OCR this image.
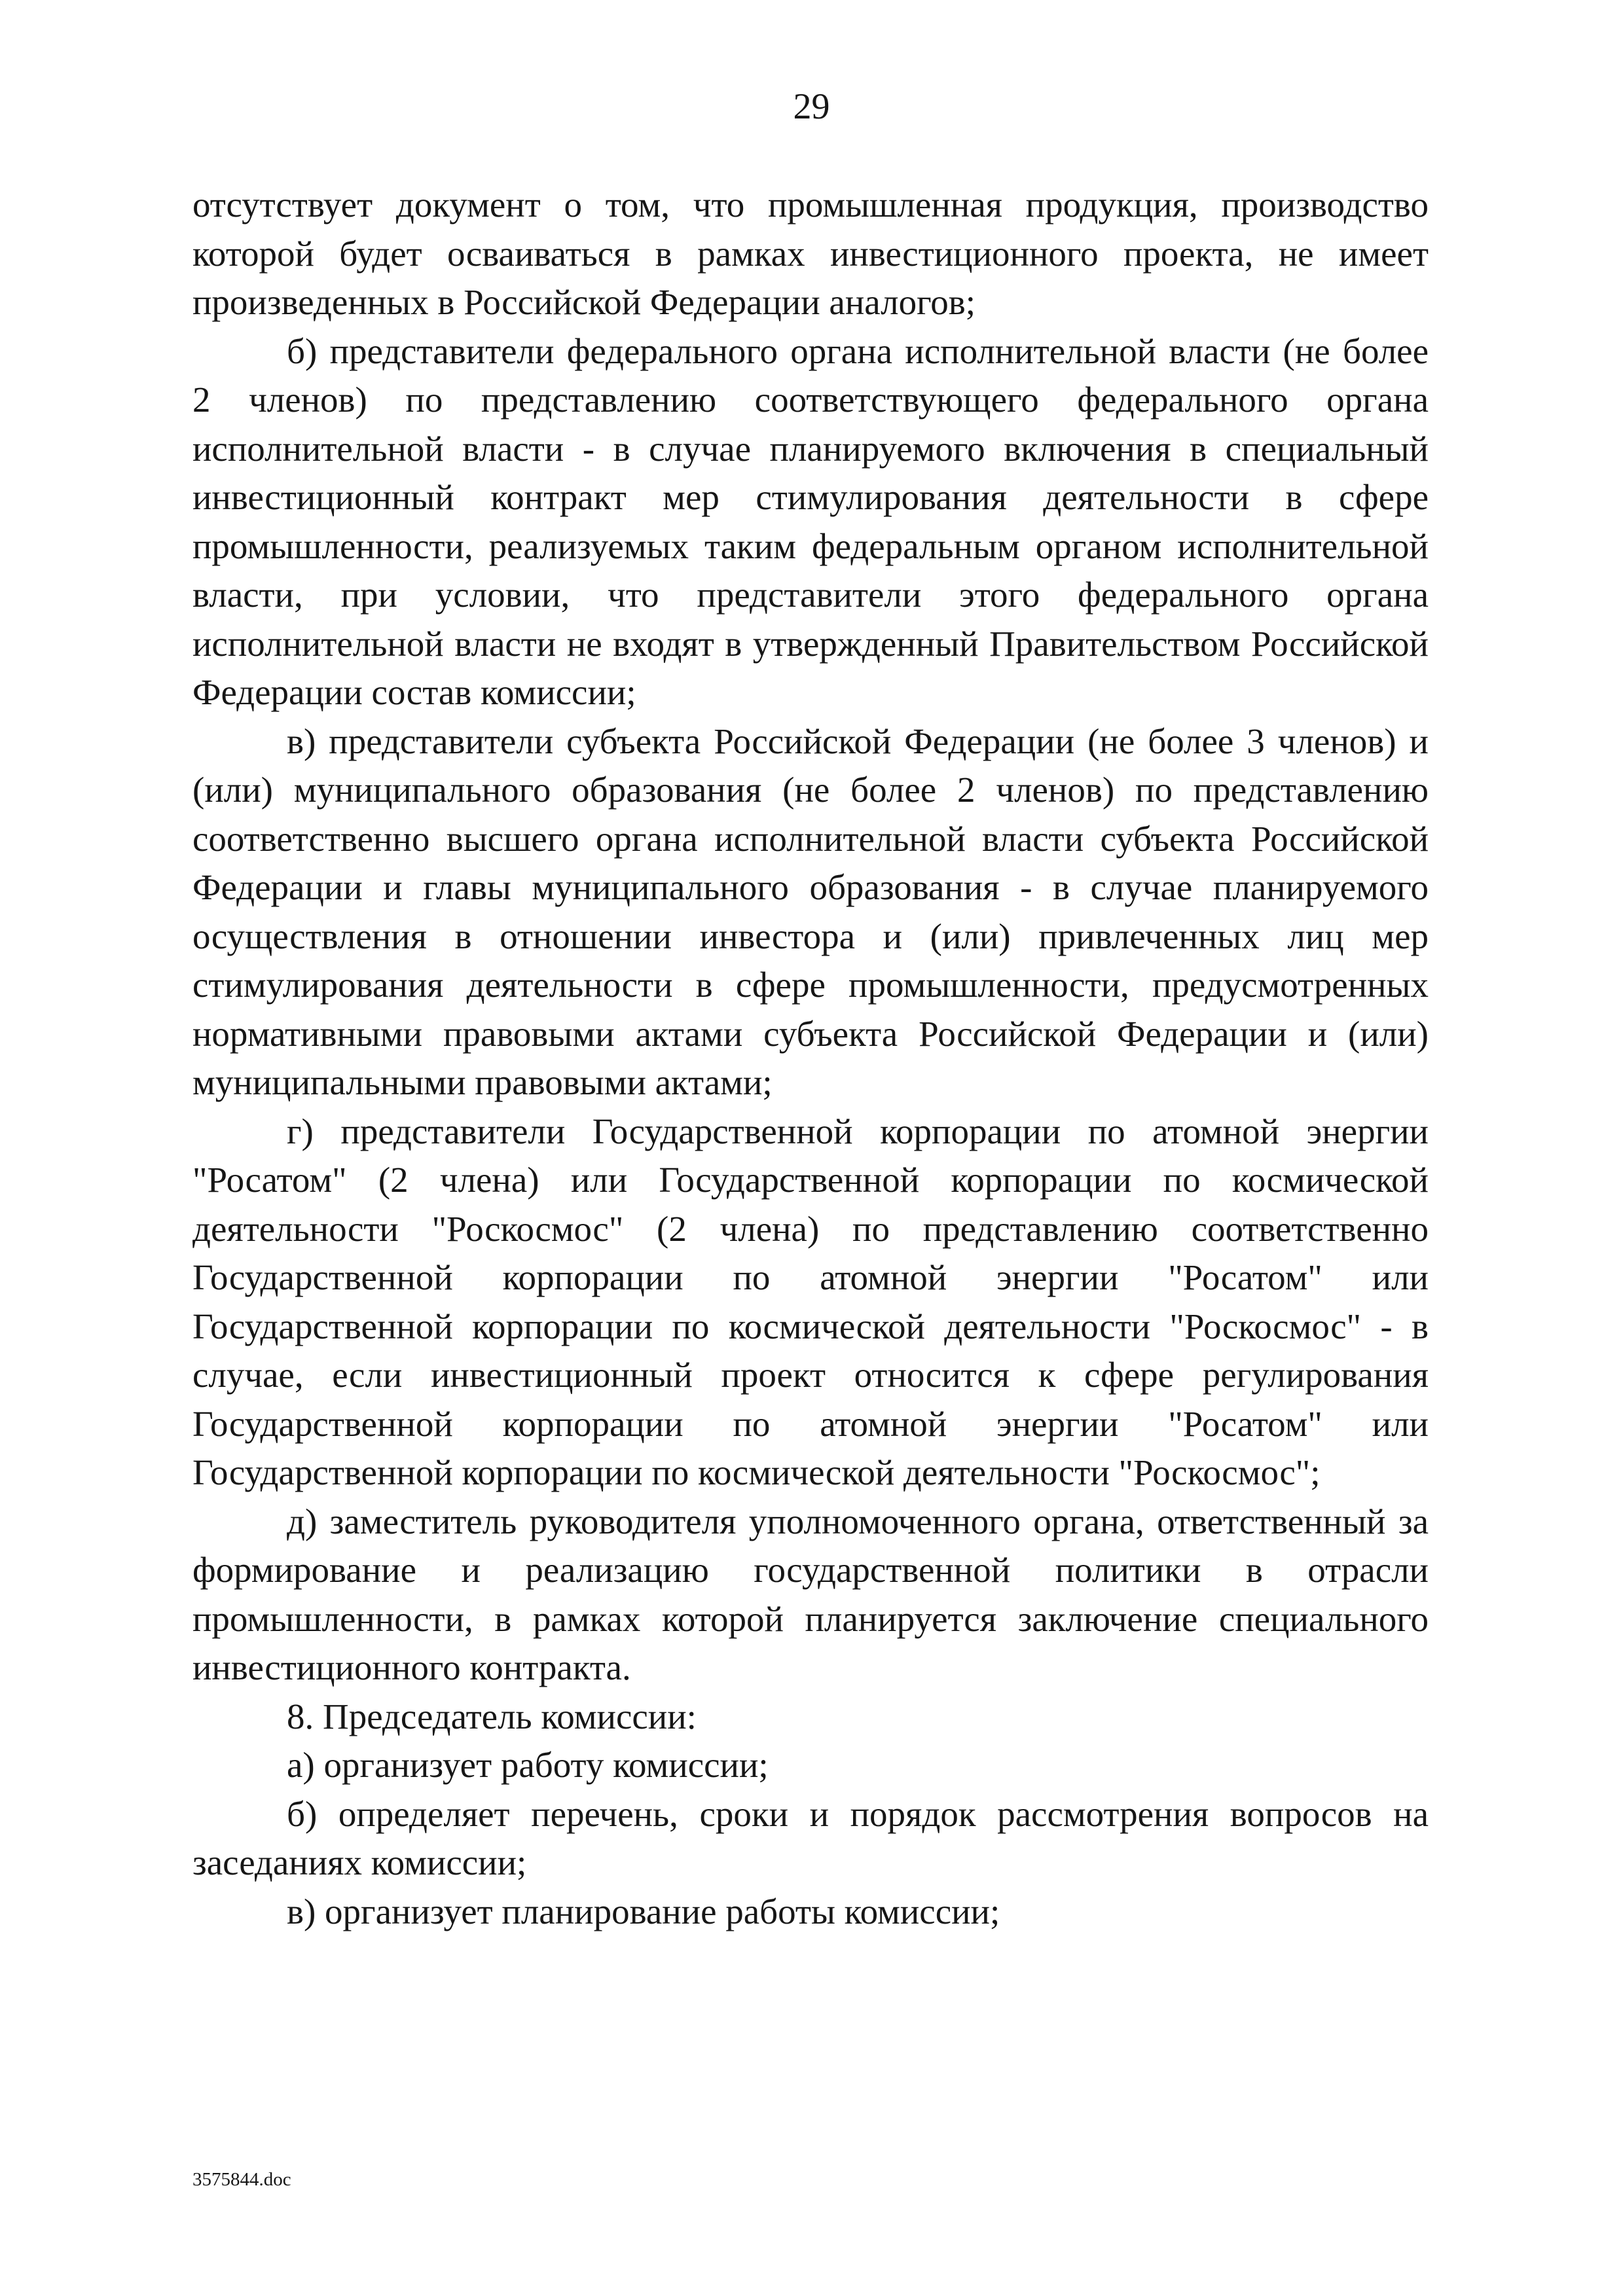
29

отсутствует документ о том, что промышленная продукция, производство которой будет осваиваться в рамках инвестиционного проекта, не имеет произведенных в Российской Федерации аналогов;

б) представители федерального органа исполнительной власти (не более 2 членов) по представлению соответствующего федерального органа исполнительной власти - в случае планируемого включения в специальный инвестиционный контракт мер стимулирования деятельности в сфере промышленности, реализуемых таким федеральным органом исполнительной власти, при условии, что представители этого федерального органа исполнительной власти не входят в утвержденный Правительством Российской Федерации состав комиссии;

в) представители субъекта Российской Федерации (не более 3 членов) и (или) муниципального образования (не более 2 членов) по представлению соответственно высшего органа исполнительной власти субъекта Российской Федерации и главы муниципального образования - в случае планируемого осуществления в отношении инвестора и (или) привлеченных лиц мер стимулирования деятельности в сфере промышленности, предусмотренных нормативными правовыми актами субъекта Российской Федерации и (или) муниципальными правовыми актами;

г) представители Государственной корпорации по атомной энергии "Росатом" (2 члена) или Государственной корпорации по космической деятельности "Роскосмос" (2 члена) по представлению соответственно Государственной корпорации по атомной энергии "Росатом" или Государственной корпорации по космической деятельности "Роскосмос" - в случае, если инвестиционный проект относится к сфере регулирования Государственной корпорации по атомной энергии "Росатом" или Государственной корпорации по космической деятельности "Роскосмос";

д) заместитель руководителя уполномоченного органа, ответственный за формирование и реализацию государственной политики в отрасли промышленности, в рамках которой планируется заключение специального инвестиционного контракта.

8. Председатель комиссии:

а) организует работу комиссии;

б) определяет перечень, сроки и порядок рассмотрения вопросов на заседаниях комиссии;

в) организует планирование работы комиссии;

3575844.doc
